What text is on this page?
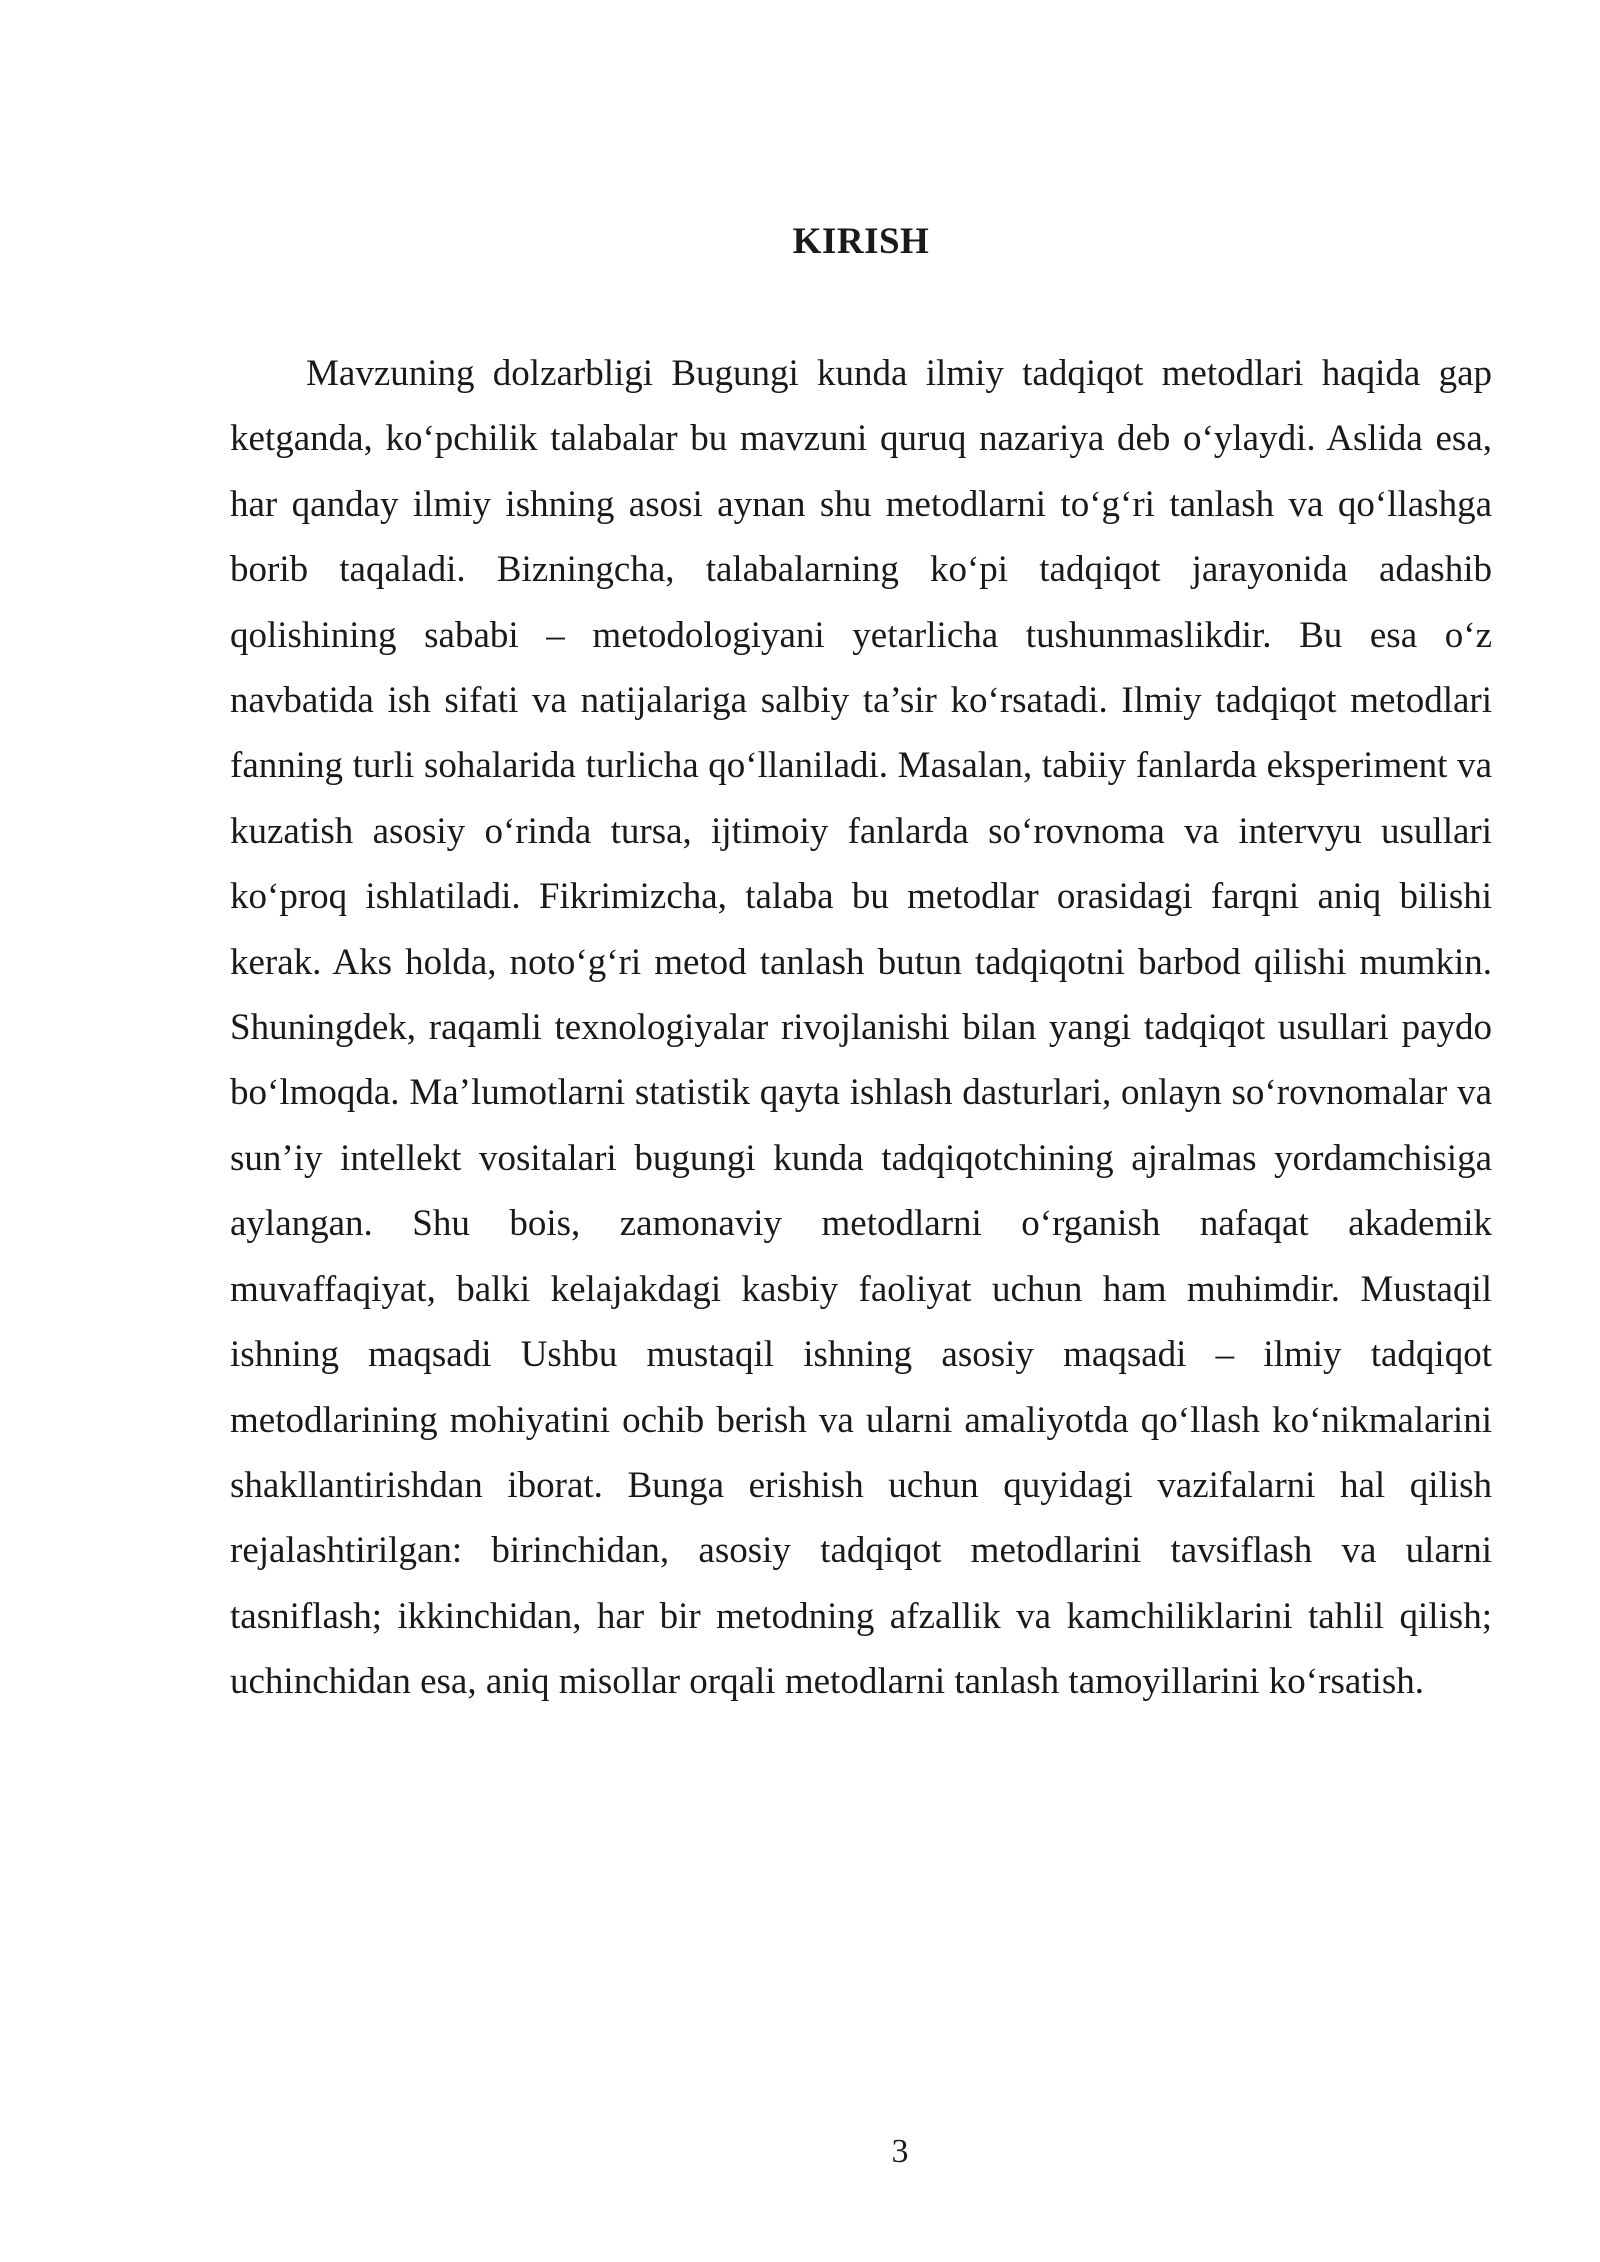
KIRISH

Mavzuning dolzarbligi Bugungi kunda ilmiy tadqiqot metodlari haqida gap ketganda, ko‘pchilik talabalar bu mavzuni quruq nazariya deb o‘ylaydi. Aslida esa, har qanday ilmiy ishning asosi aynan shu metodlarni to‘g‘ri tanlash va qo‘llashga borib taqaladi. Bizningcha, talabalarning ko‘pi tadqiqot jarayonida adashib qolishining sababi – metodologiyani yetarlicha tushunmaslikdir. Bu esa o‘z navbatida ish sifati va natijalariga salbiy ta’sir ko‘rsatadi. Ilmiy tadqiqot metodlari fanning turli sohalarida turlicha qo‘llaniladi. Masalan, tabiiy fanlarda eksperiment va kuzatish asosiy o‘rinda tursa, ijtimoiy fanlarda so‘rovnoma va intervyu usullari ko‘proq ishlatiladi. Fikrimizcha, talaba bu metodlar orasidagi farqni aniq bilishi kerak. Aks holda, noto‘g‘ri metod tanlash butun tadqiqotni barbod qilishi mumkin. Shuningdek, raqamli texnologiyalar rivojlanishi bilan yangi tadqiqot usullari paydo bo‘lmoqda. Ma’lumotlarni statistik qayta ishlash dasturlari, onlayn so‘rovnomalar va sun’iy intellekt vositalari bugungi kunda tadqiqotchining ajralmas yordamchisiga aylangan. Shu bois, zamonaviy metodlarni o‘rganish nafaqat akademik muvaffaqiyat, balki kelajakdagi kasbiy faoliyat uchun ham muhimdir. Mustaqil ishning maqsadi Ushbu mustaqil ishning asosiy maqsadi – ilmiy tadqiqot metodlarining mohiyatini ochib berish va ularni amaliyotda qo‘llash ko‘nikmalarini shakllantirishdan iborat. Bunga erishish uchun quyidagi vazifalarni hal qilish rejalashtirilgan: birinchidan, asosiy tadqiqot metodlarini tavsiflash va ularni tasniflash; ikkinchidan, har bir metodning afzallik va kamchiliklarini tahlil qilish; uchinchidan esa, aniq misollar orqali metodlarni tanlash tamoyillarini ko‘rsatish.

3
